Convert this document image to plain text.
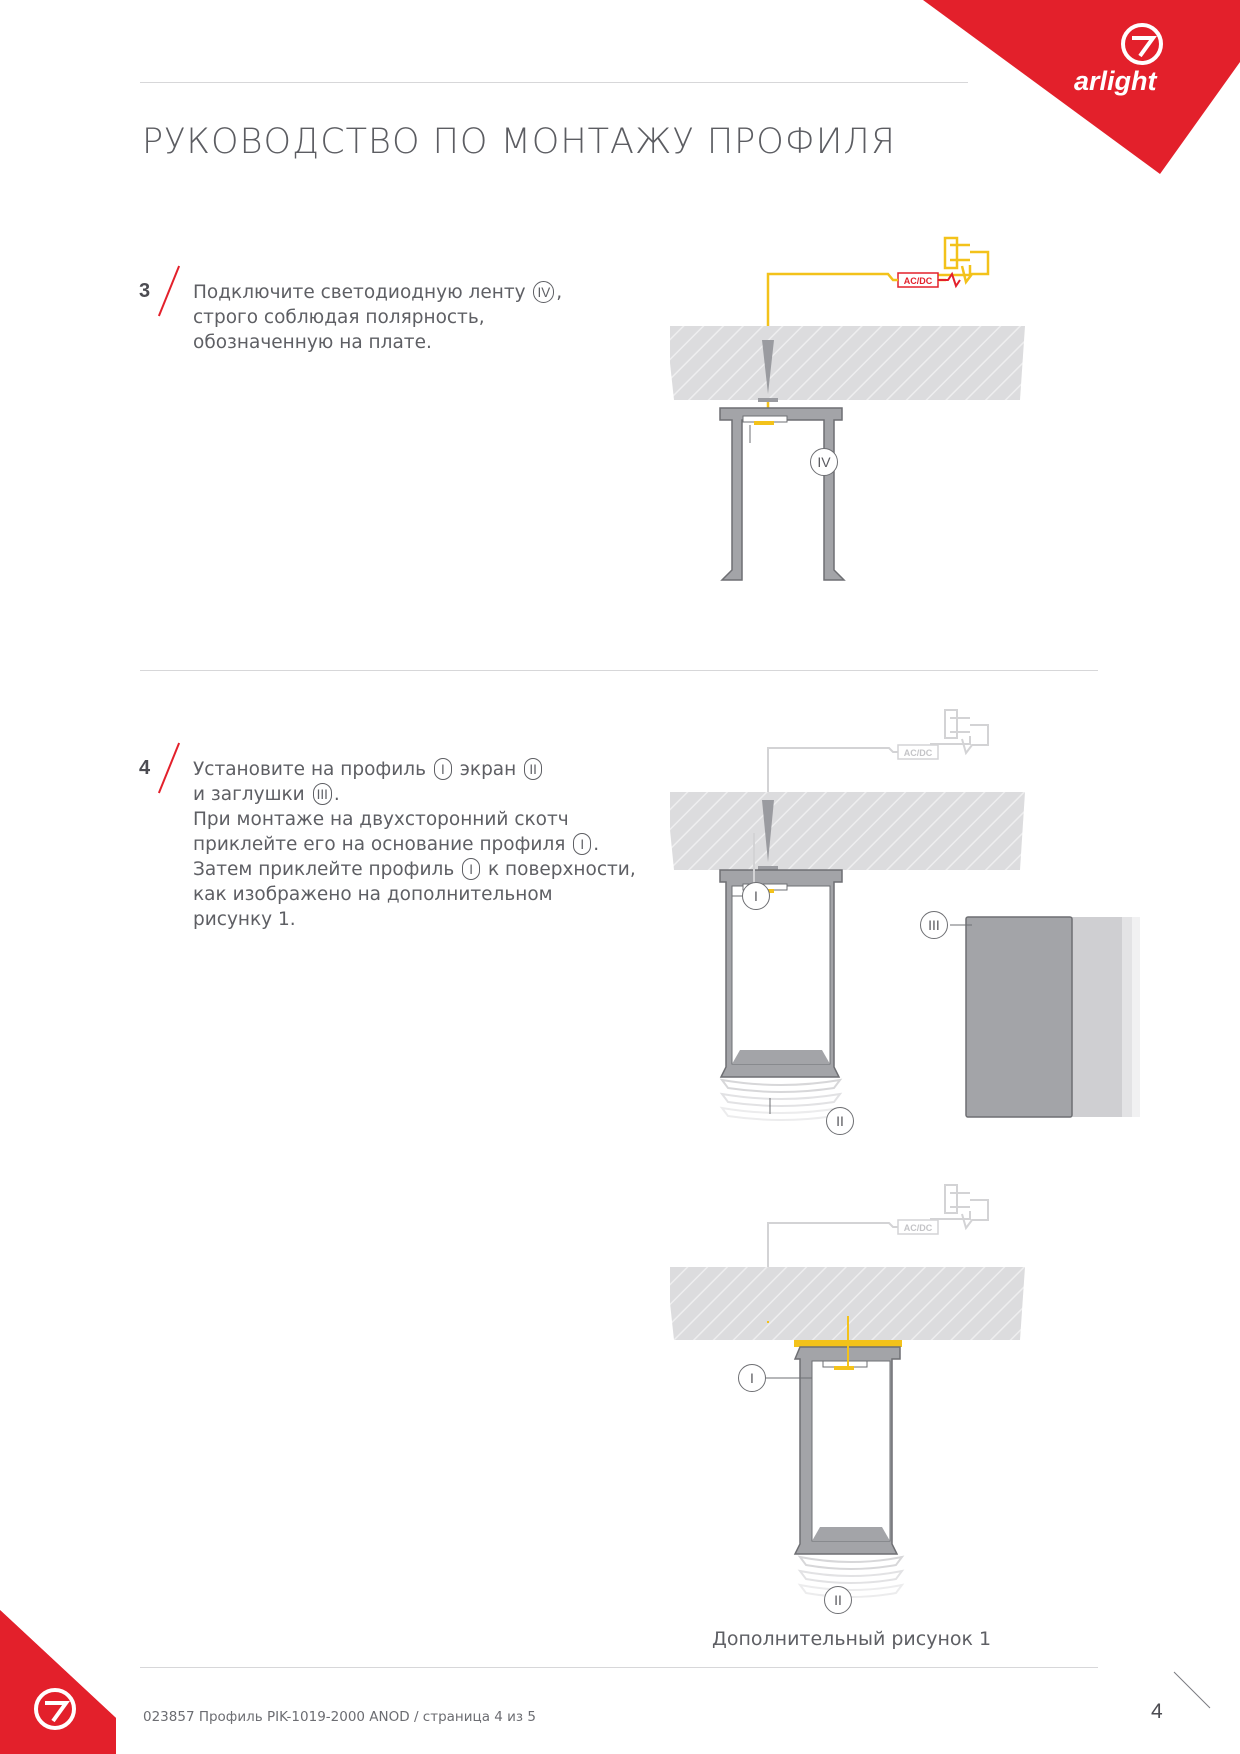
arlight
РУКОВОДСТВО ПО МОНТАЖУ ПРОФИЛЯ
3 Подключите светодиодную ленту IV ,
строго соблюдая полярность,
обозначенную на плате.
AC/DC
IV
4 Установите на профиль I экран II
и заглушки III .
При монтаже на двухсторонний скотч
приклейте его на основание профиля I .
Затем приклейте профиль I к поверхности,
как изображено на дополнительном
рисунку 1.
AC/DC
I
III
II
AC/DC
I
II
Дополнительный рисунок 1
023857 Профиль PIK-1019-2000 ANOD / страница 4 из 5	4
